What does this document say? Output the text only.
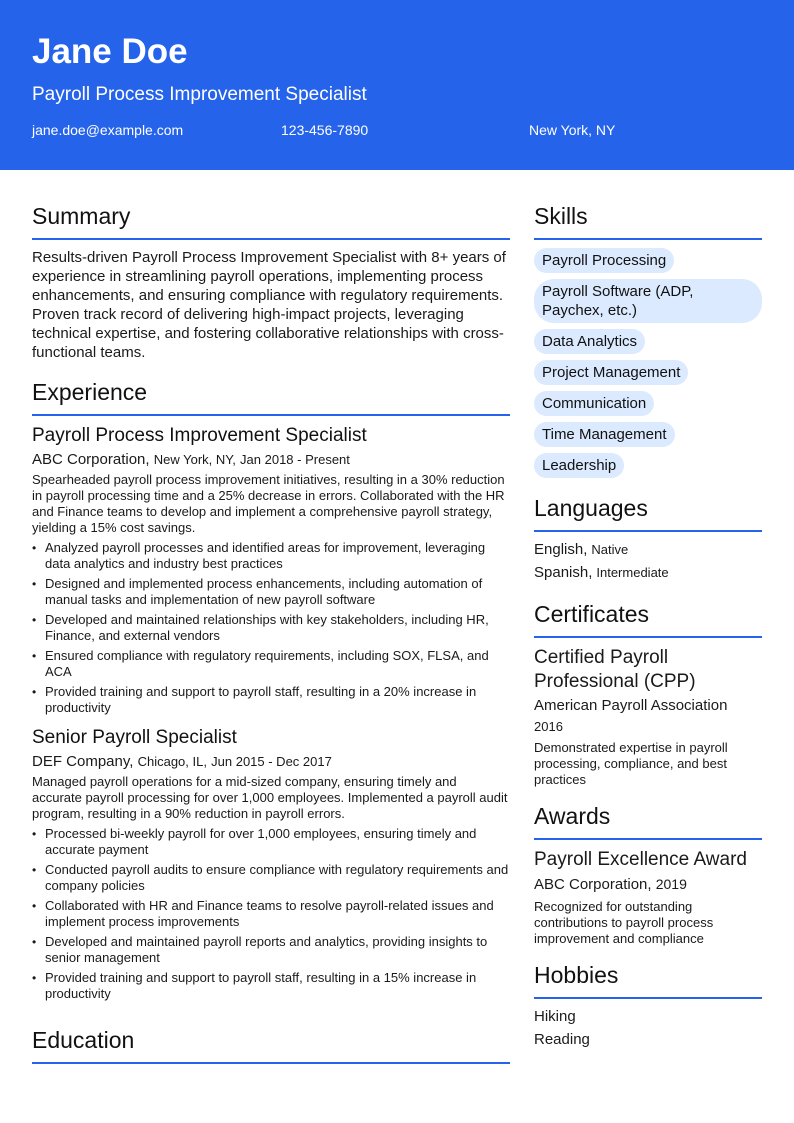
Jane Doe
Payroll Process Improvement Specialist
jane.doe@example.com	123-456-7890	New York, NY
Summary

Results-driven Payroll Process Improvement Specialist with 8+ years of experience in streamlining payroll operations, implementing process enhancements, and ensuring compliance with regulatory requirements. Proven track record of delivering high-impact projects, leveraging technical expertise, and fostering collaborative relationships with cross-functional teams.

Experience
Payroll Process Improvement Specialist
ABC Corporation, New York, NY, Jan 2018 - Present

Spearheaded payroll process improvement initiatives, resulting in a 30% reduction in payroll processing time and a 25% decrease in errors. Collaborated with the HR and Finance teams to develop and implement a comprehensive payroll strategy, yielding a 15% cost savings.

• Analyzed payroll processes and identified areas for improvement, leveraging data analytics and industry best practices
• Designed and implemented process enhancements, including automation of manual tasks and implementation of new payroll software
• Developed and maintained relationships with key stakeholders, including HR, Finance, and external vendors
• Ensured compliance with regulatory requirements, including SOX, FLSA, and ACA
• Provided training and support to payroll staff, resulting in a 20% increase in productivity
Senior Payroll Specialist
DEF Company, Chicago, IL, Jun 2015 - Dec 2017

Managed payroll operations for a mid-sized company, ensuring timely and accurate payroll processing for over 1,000 employees. Implemented a payroll audit program, resulting in a 90% reduction in payroll errors.

• Processed bi-weekly payroll for over 1,000 employees, ensuring timely and accurate payment
• Conducted payroll audits to ensure compliance with regulatory requirements and company policies
• Collaborated with HR and Finance teams to resolve payroll-related issues and implement process improvements
• Developed and maintained payroll reports and analytics, providing insights to senior management
• Provided training and support to payroll staff, resulting in a 15% increase in productivity
Education
Skills
Payroll Processing
Payroll Software (ADP, Paychex, etc.)
Data Analytics
Project Management
Communication
Time Management
Leadership
Languages
English, Native
Spanish, Intermediate
Certificates
Certified Payroll Professional (CPP)
American Payroll Association
2016
Demonstrated expertise in payroll processing, compliance, and best practices
Awards
Payroll Excellence Award
ABC Corporation, 2019
Recognized for outstanding contributions to payroll process improvement and compliance
Hobbies
Hiking
Reading
